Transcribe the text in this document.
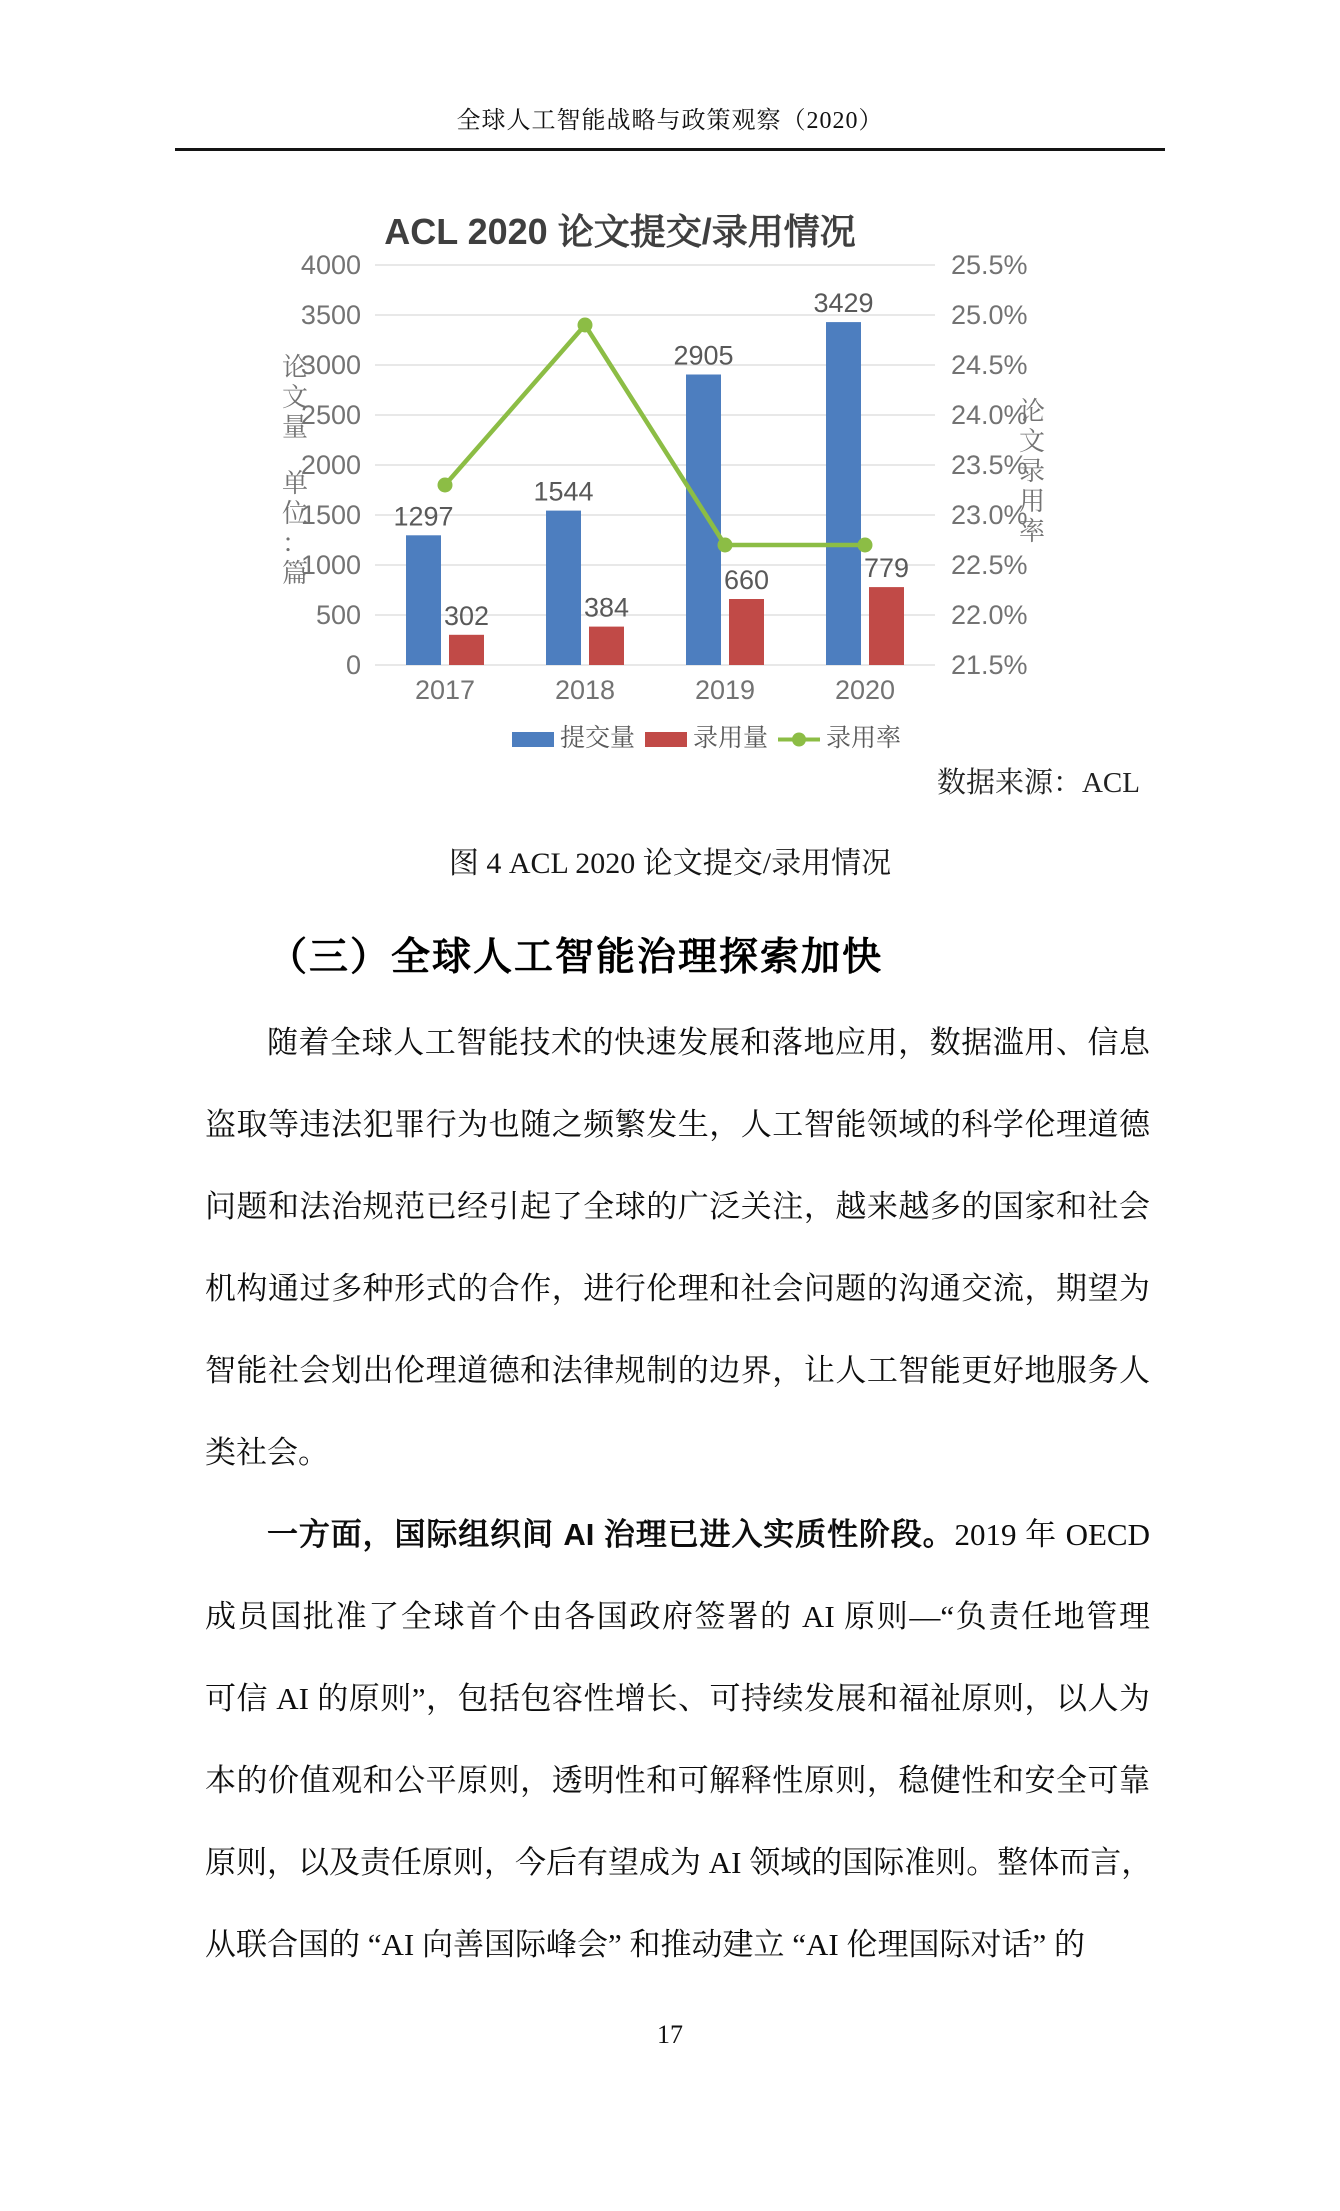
全球人工智能战略与政策观察（2020）
ACL 2020 论文提交/录用情况
0	21.5%
500	22.0%
1000	22.5%
1500	23.0%
2000	23.5%
2500	24.0%
3000	24.5%
3500	25.0%
4000	25.5%
论
文
量
单
位
：
篇
论
文
录
用
率
1297
1544
2905
3429
302	384
660	779
2017	2018	2019	2020
提交量 录用量 录用率
数据来源：ACL
图 4 ACL 2020 论文提交/录用情况
（三）全球人工智能治理探索加快
随着全球人工智能技术的快速发展和落地应用，数据滥用、信息
盗取等违法犯罪行为也随之频繁发生，人工智能领域的科学伦理道德
问题和法治规范已经引起了全球的广泛关注，越来越多的国家和社会
机构通过多种形式的合作，进行伦理和社会问题的沟通交流，期望为
智能社会划出伦理道德和法律规制的边界，让人工智能更好地服务人
类社会。
一方面，国际组织间 AI 治理已进入实质性阶段。2019 年 OECD
成员国批准了全球首个由各国政府签署的 AI 原则—“负责任地管理
可信 AI 的原则”，包括包容性增长、可持续发展和福祉原则，以人为
本的价值观和公平原则，透明性和可解释性原则，稳健性和安全可靠
原则，以及责任原则，今后有望成为 AI 领域的国际准则。整体而言，
从联合国的 “AI 向善国际峰会” 和推动建立 “AI 伦理国际对话” 的
17
